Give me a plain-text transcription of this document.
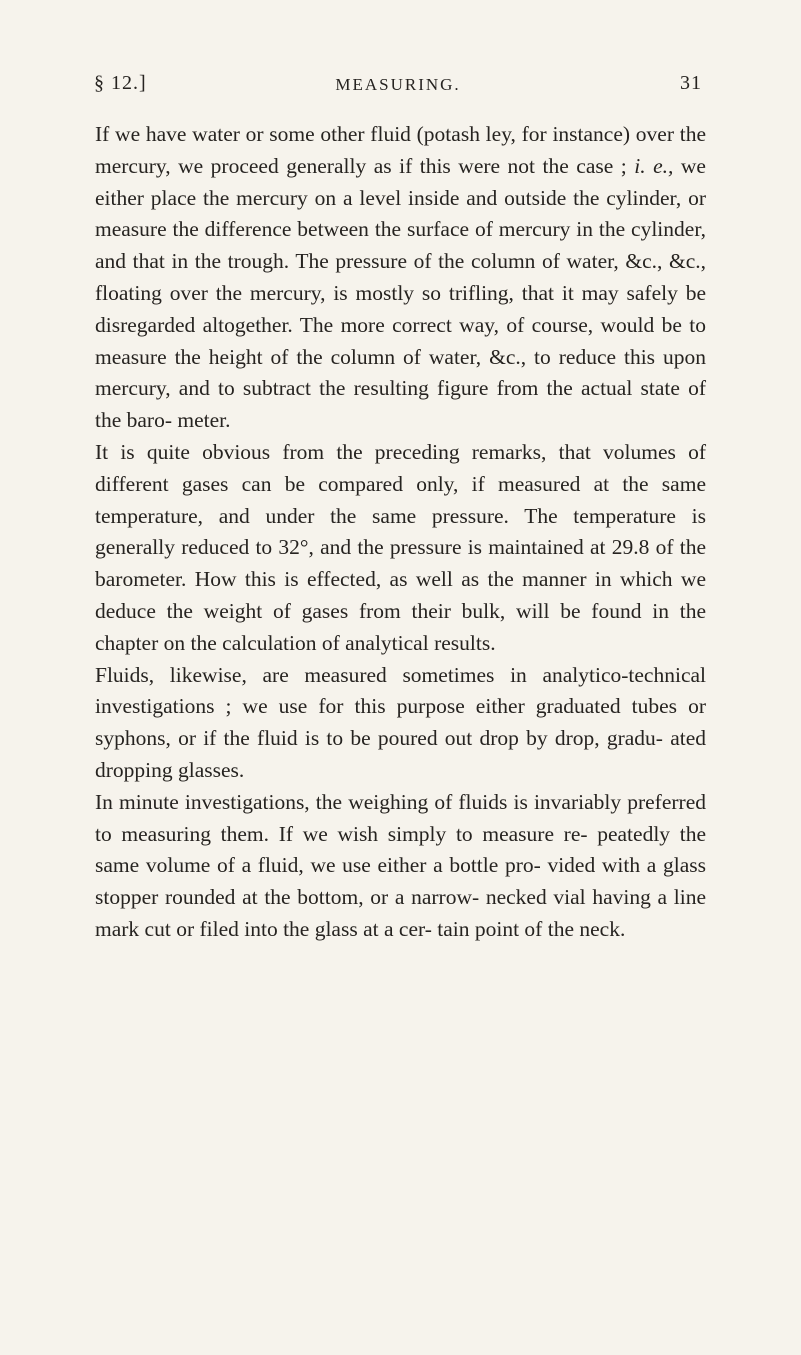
§ 12.]	MEASURING.	31

If we have water or some other fluid (potash ley, for instance) over the mercury, we proceed generally as if this were not the case ; i. e., we either place the mercury on a level inside and outside the cylinder, or measure the difference between the surface of mercury in the cylinder, and that in the trough. The pressure of the column of water, &c., &c., floating over the mercury, is mostly so trifling, that it may safely be disregarded altogether. The more correct way, of course, would be to measure the height of the column of water, &c., to reduce this upon mercury, and to subtract the resulting figure from the actual state of the baro- meter.

It is quite obvious from the preceding remarks, that volumes of different gases can be compared only, if measured at the same temperature, and under the same pressure. The temperature is generally reduced to 32°, and the pressure is maintained at 29.8 of the barometer. How this is effected, as well as the manner in which we deduce the weight of gases from their bulk, will be found in the chapter on the calculation of analytical results.

Fluids, likewise, are measured sometimes in analytico-technical investigations ; we use for this purpose either graduated tubes or syphons, or if the fluid is to be poured out drop by drop, gradu- ated dropping glasses.

In minute investigations, the weighing of fluids is invariably preferred to measuring them. If we wish simply to measure re- peatedly the same volume of a fluid, we use either a bottle pro- vided with a glass stopper rounded at the bottom, or a narrow- necked vial having a line mark cut or filed into the glass at a cer- tain point of the neck.
